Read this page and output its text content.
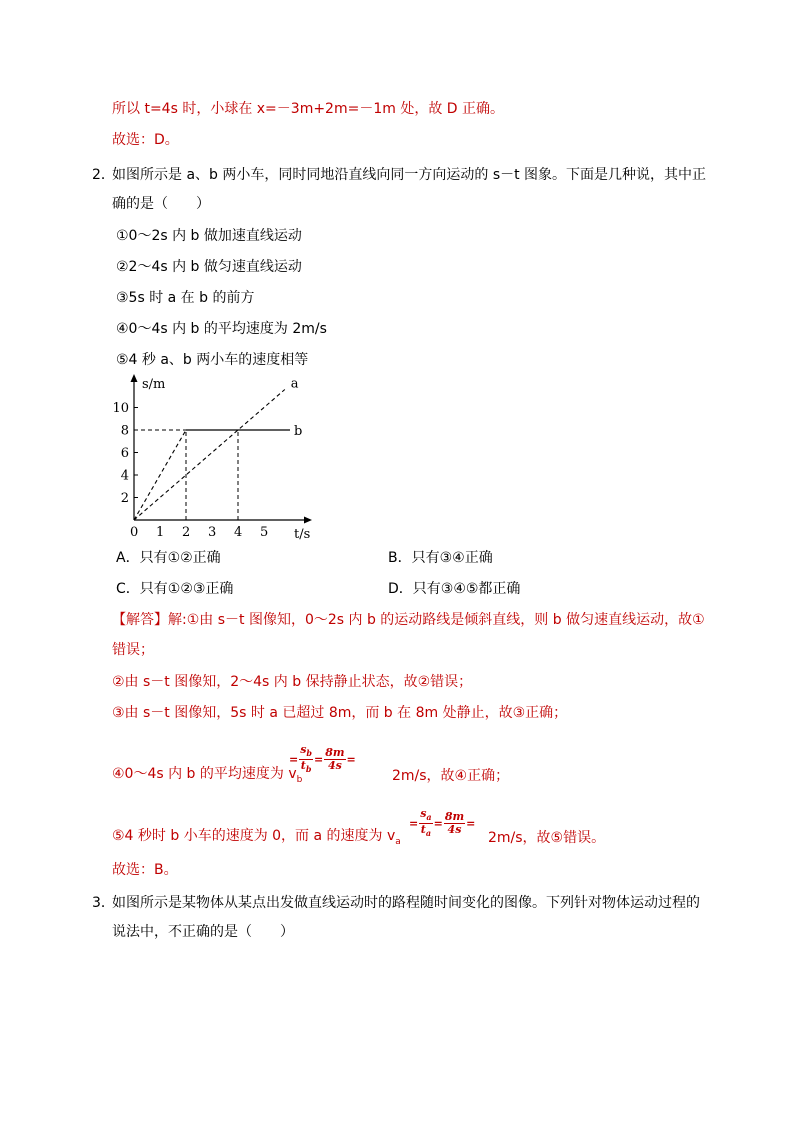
所以 t=4s 时，小球在 x=－3m+2m=－1m 处，故 D 正确。
故选：D。
2．
如图所示是 a、b 两小车，同时同地沿直线向同一方向运动的 s－t 图象。下面是几种说，其中正
确的是（　　）
①0～2s 内 b 做加速直线运动
②2～4s 内 b 做匀速直线运动
③5s 时 a 在 b 的前方
④0～4s 内 b 的平均速度为 2m/s
⑤4 秒 a、b 两小车的速度相等
s/m
t/s
0 1 2 3 4 5
2
4
6
8
10
a
b
A．只有①②正确	B．只有③④正确
C．只有①②③正确	D．只有③④⑤都正确
【解答】解:①由 s－t 图像知，0～2s 内 b 的运动路线是倾斜直线，则 b 做匀速直线运动，故①
错误；
②由 s－t 图像知，2～4s 内 b 保持静止状态，故②错误；
③由 s－t 图像知，5s 时 a 已超过 8m，而 b 在 8m 处静止，故③正确；
④0～4s 内 b 的平均速度为 $v_b$
= $\frac{s_b}{t_b} = \frac{8m}{4s}$ =
2m/s，故④正确；
⑤4 秒时 b 小车的速度为 0，而 a 的速度为 $v_a$
= $\frac{s_a}{t_a} = \frac{8m}{4s}$ =
2m/s，故⑤错误。
故选：B。
3．
如图所示是某物体从某点出发做直线运动时的路程随时间变化的图像。下列针对物体运动过程的
说法中，不正确的是（　　）
